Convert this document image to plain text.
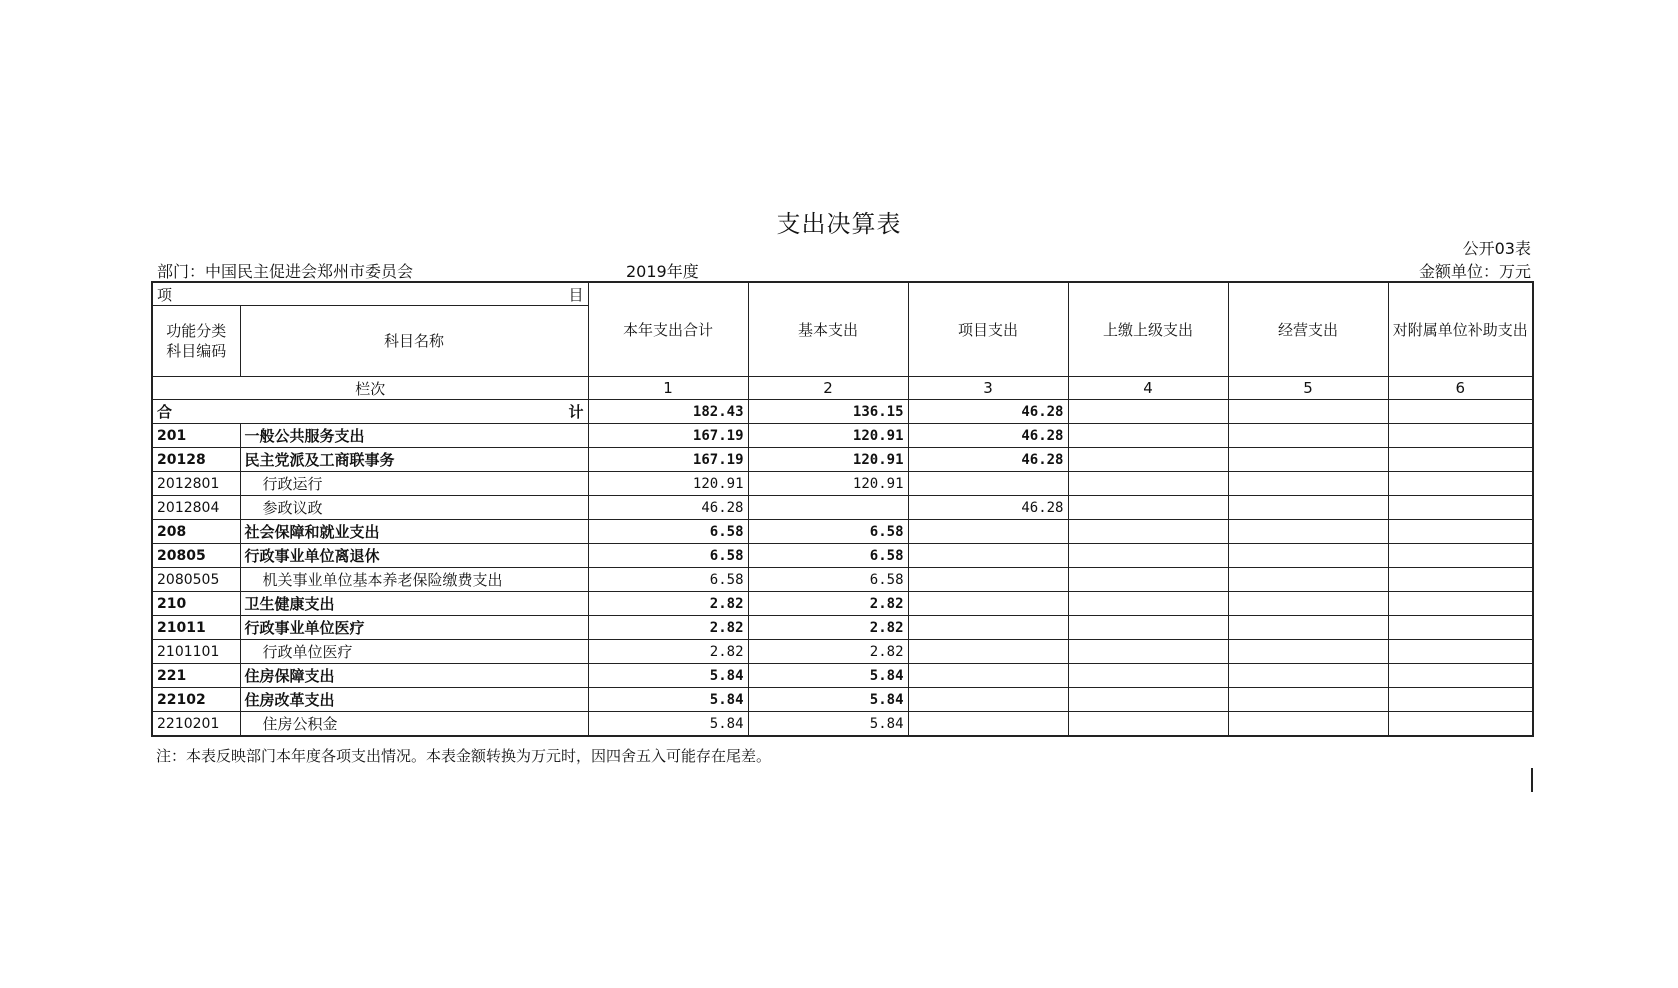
支出决算表
公开03表
部门：中国民主促进会郑州市委员会	2019年度	金额单位：万元
项 目		本年支出合计	基本支出	项目支出	上缴上级支出	经营支出	对附属单位补助支出
功能分类
科目编码	科目名称						
栏次		1	2	3	4	5	6

合 计		182.43	136.15	46.28			
201	一般公共服务支出	167.19	120.91	46.28			
20128	民主党派及工商联事务	167.19	120.91	46.28			
2012801	行政运行	120.91	120.91				
2012804	参政议政	46.28		46.28			
208	社会保障和就业支出	6.58	6.58				
20805	行政事业单位离退休	6.58	6.58				
2080505	机关事业单位基本养老保险缴费支出	6.58	6.58				
210	卫生健康支出	2.82	2.82				
21011	行政事业单位医疗	2.82	2.82				
2101101	行政单位医疗	2.82	2.82				
221	住房保障支出	5.84	5.84				
22102	住房改革支出	5.84	5.84				
2210201	住房公积金	5.84	5.84				
注：本表反映部门本年度各项支出情况。本表金额转换为万元时，因四舍五入可能存在尾差。
